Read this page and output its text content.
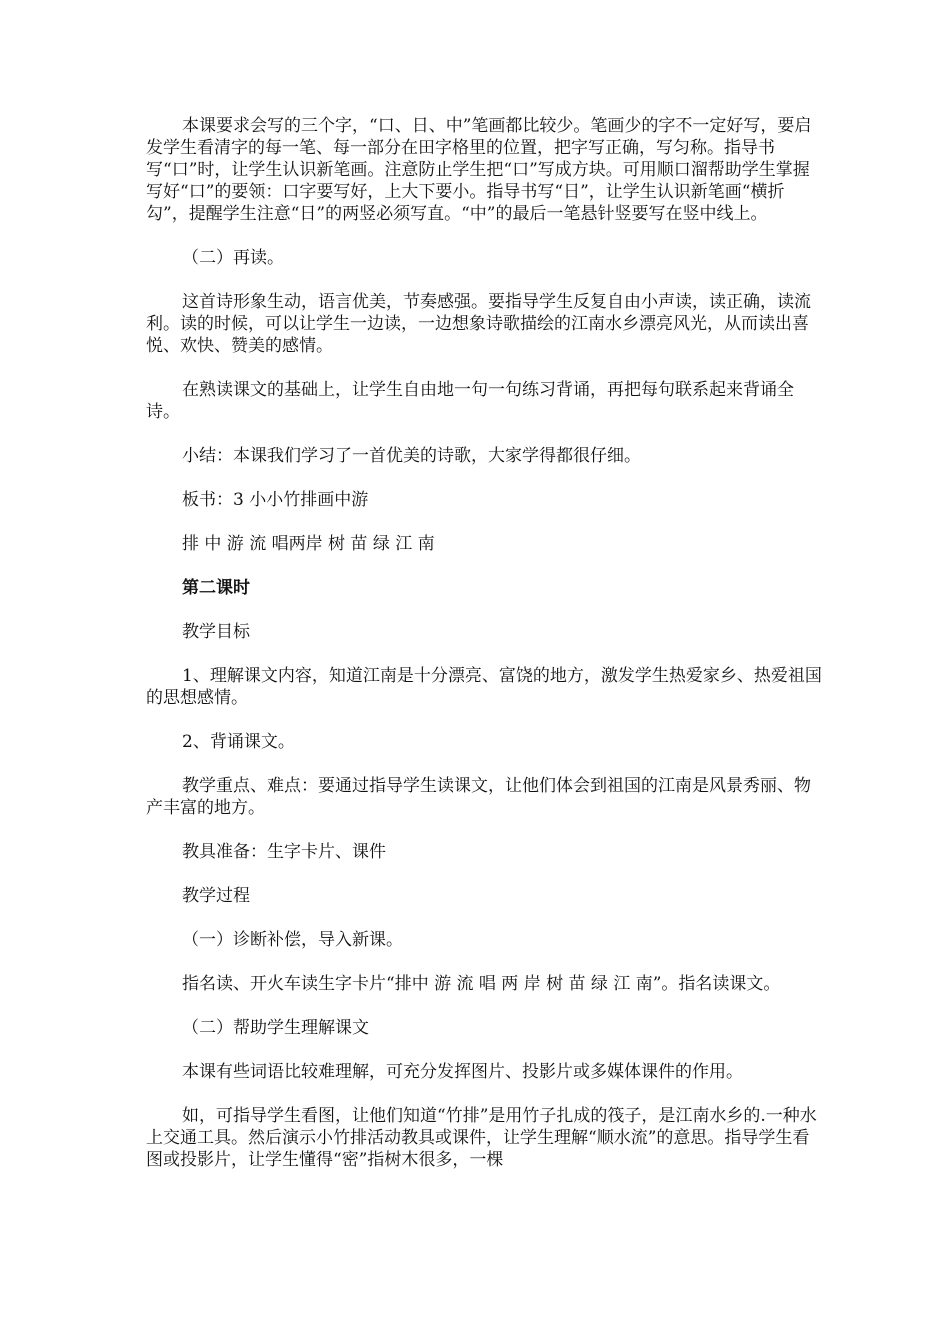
本课要求会写的三个字，“口、日、中”笔画都比较少。笔画少的字不一定好写，要启发学生看清字的每一笔、每一部分在田字格里的位置，把字写正确，写匀称。指导书写“口”时，让学生认识新笔画。注意防止学生把“口”写成方块。可用顺口溜帮助学生掌握写好“口”的要领：口字要写好，上大下要小。指导书写“日”，让学生认识新笔画“横折勾”，提醒学生注意“日”的两竖必须写直。“中”的最后一笔悬针竖要写在竖中线上。

（二）再读。

这首诗形象生动，语言优美，节奏感强。要指导学生反复自由小声读，读正确，读流利。读的时候，可以让学生一边读，一边想象诗歌描绘的江南水乡漂亮风光，从而读出喜悦、欢快、赞美的感情。

在熟读课文的基础上，让学生自由地一句一句练习背诵，再把每句联系起来背诵全诗。

小结：本课我们学习了一首优美的诗歌，大家学得都很仔细。

板书：3 小小竹排画中游

排 中 游 流 唱两岸 树 苗 绿 江 南

第二课时

教学目标

1、理解课文内容，知道江南是十分漂亮、富饶的地方，激发学生热爱家乡、热爱祖国的思想感情。

2、背诵课文。

教学重点、难点：要通过指导学生读课文，让他们体会到祖国的江南是风景秀丽、物产丰富的地方。

教具准备：生字卡片、课件

教学过程

（一）诊断补偿，导入新课。

指名读、开火车读生字卡片“排中 游 流 唱 两 岸 树 苗 绿 江 南”。指名读课文。

（二）帮助学生理解课文

本课有些词语比较难理解，可充分发挥图片、投影片或多媒体课件的作用。

如，可指导学生看图，让他们知道“竹排”是用竹子扎成的筏子，是江南水乡的.一种水上交通工具。然后演示小竹排活动教具或课件，让学生理解“顺水流”的意思。指导学生看图或投影片，让学生懂得“密”指树木很多，一棵
